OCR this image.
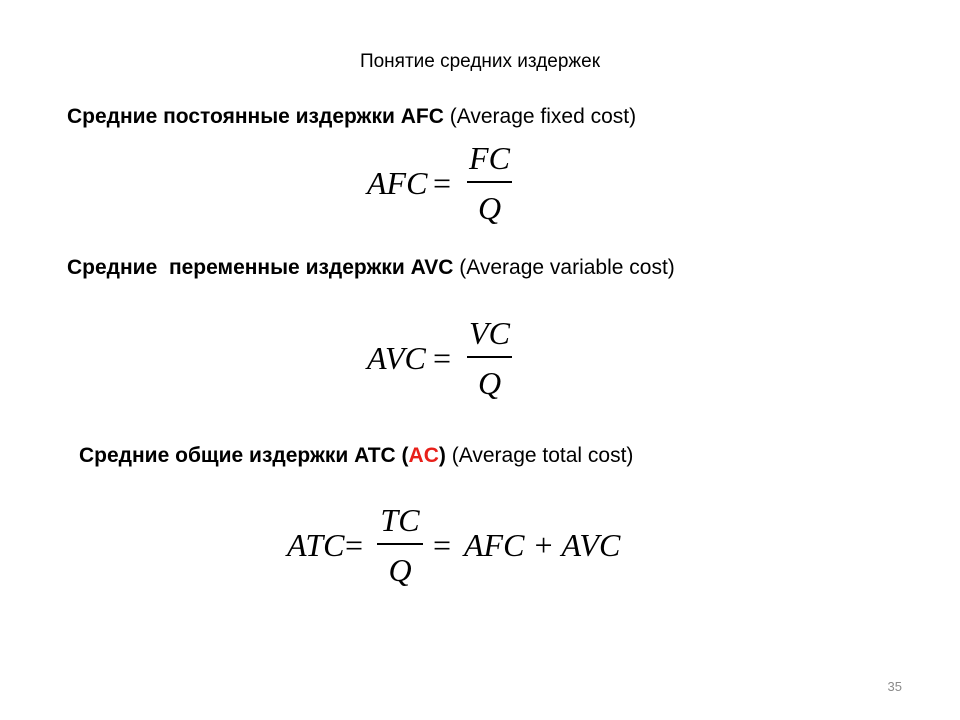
Понятие средних издержек
Средние постоянные издержки AFC (Average fixed cost)
AFC =
FC
Q
Средние  переменные издержки AVC (Average variable cost)
AVC =
VC
Q
Средние общие издержки ATC (AC) (Average total cost)
ATC =
TC
Q
= AFC + AVC
35
